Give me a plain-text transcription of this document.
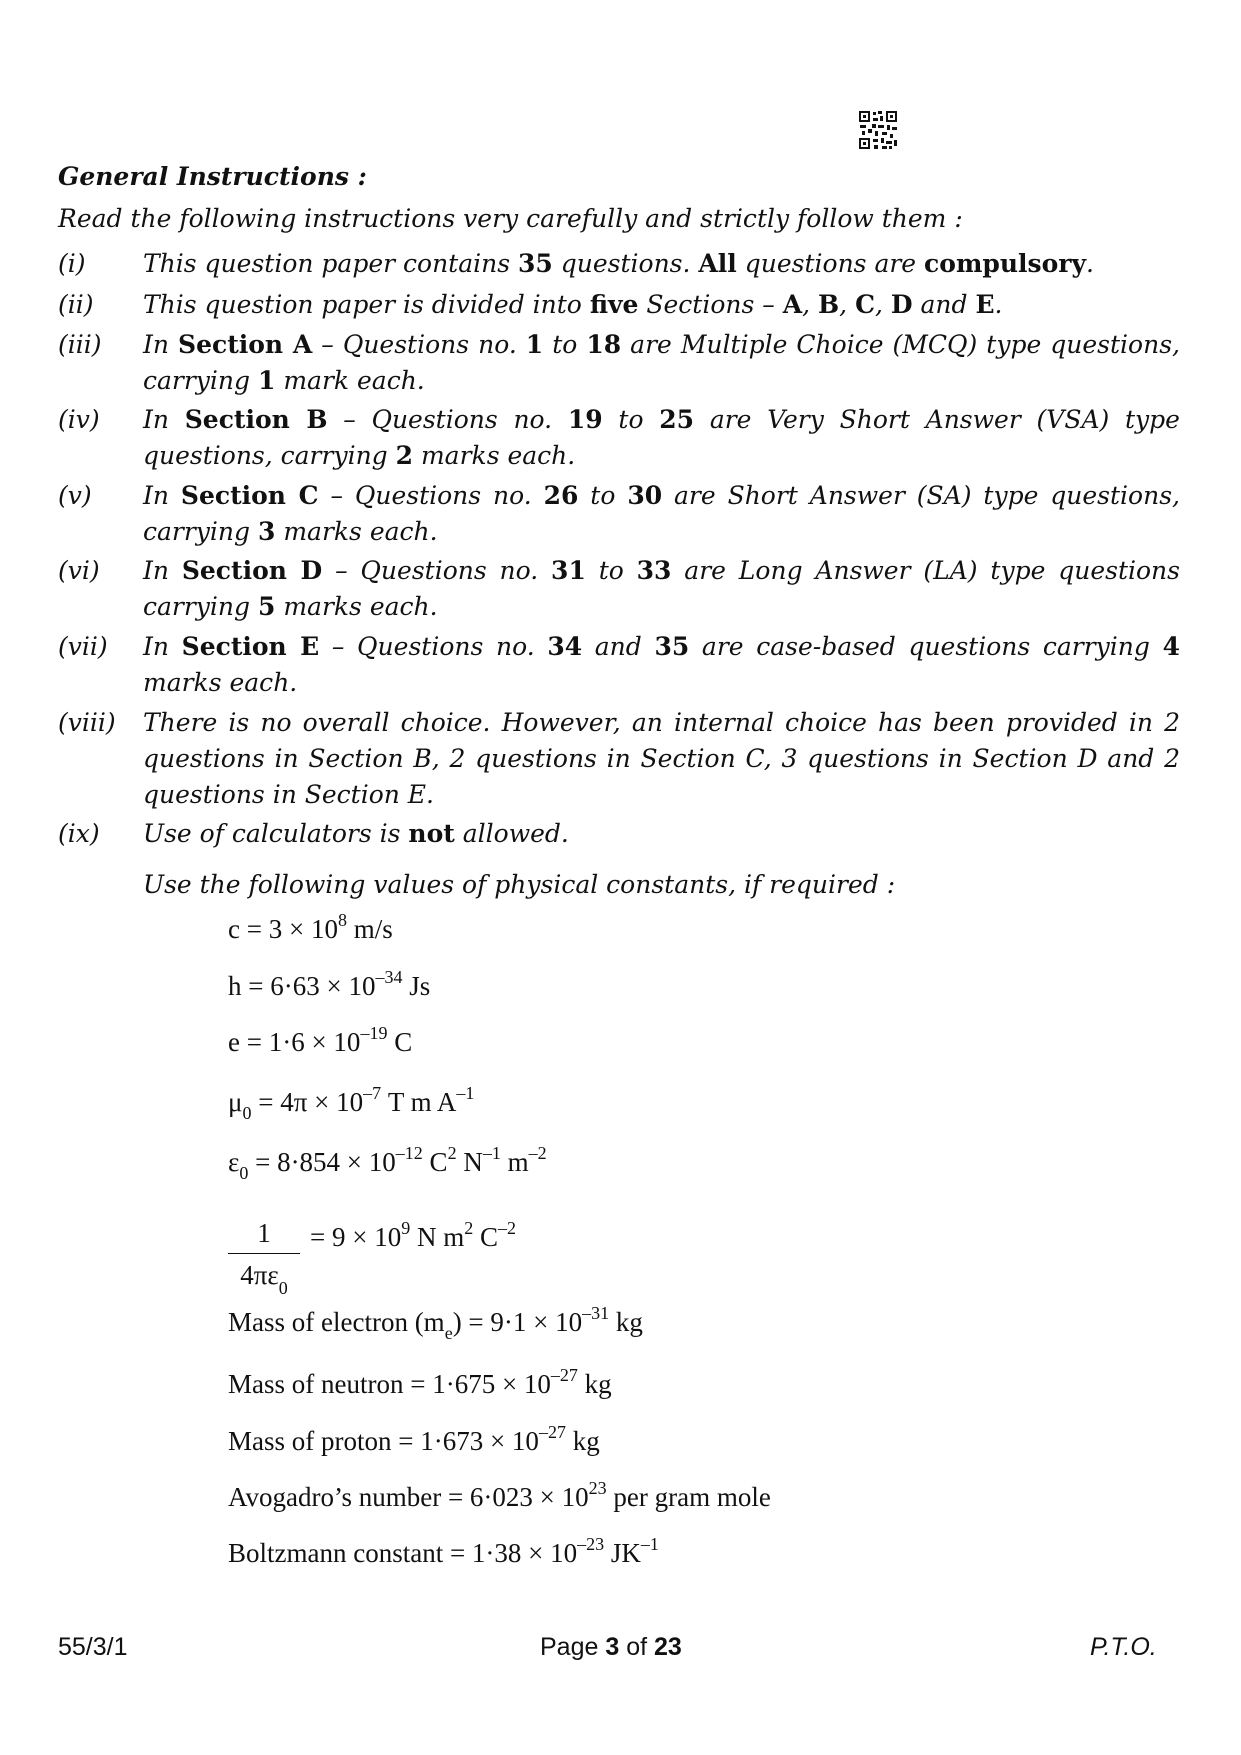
General Instructions :
Read the following instructions very carefully and strictly follow them :
(i) This question paper contains 35 questions. All questions are compulsory.
(ii) This question paper is divided into five Sections – A, B, C, D and E.
(iii) In Section A – Questions no. 1 to 18 are Multiple Choice (MCQ) type questions, carrying 1 mark each.
(iv) In Section B – Questions no. 19 to 25 are Very Short Answer (VSA) type questions, carrying 2 marks each.
(v) In Section C – Questions no. 26 to 30 are Short Answer (SA) type questions, carrying 3 marks each.
(vi) In Section D – Questions no. 31 to 33 are Long Answer (LA) type questions carrying 5 marks each.
(vii) In Section E – Questions no. 34 and 35 are case-based questions carrying 4 marks each.
(viii) There is no overall choice. However, an internal choice has been provided in 2 questions in Section B, 2 questions in Section C, 3 questions in Section D and 2 questions in Section E.
(ix) Use of calculators is not allowed.
Use the following values of physical constants, if required :
$c = 3 \times 10^8$ m/s
$h = 6\cdot 63 \times 10^{-34}$ Js
$e = 1\cdot 6 \times 10^{-19}$ C
$\mu_0 = 4\pi \times 10^{-7}$ T m $A^{-1}$
$\varepsilon_0 = 8\cdot 854 \times 10^{-12}$ $C^2$ $N^{-1}$ $m^{-2}$
= $9 \times 10^9$ N $m^2$ $C^{-2}$
Mass of electron $(m_e) = 9\cdot 1 \times 10^{-31}$ kg
Mass of neutron = $1\cdot 675 \times 10^{-27}$ kg
Mass of proton = $1\cdot 673 \times 10^{-27}$ kg
Avogadro’s number = $6\cdot 023 \times 10^{23}$ per gram mole
Boltzmann constant = $1\cdot 38 \times 10^{-23}$ $JK^{-1}$
1
$4\pi\varepsilon_0$
55/3/1	Page 3 of 23	P.T.O.
